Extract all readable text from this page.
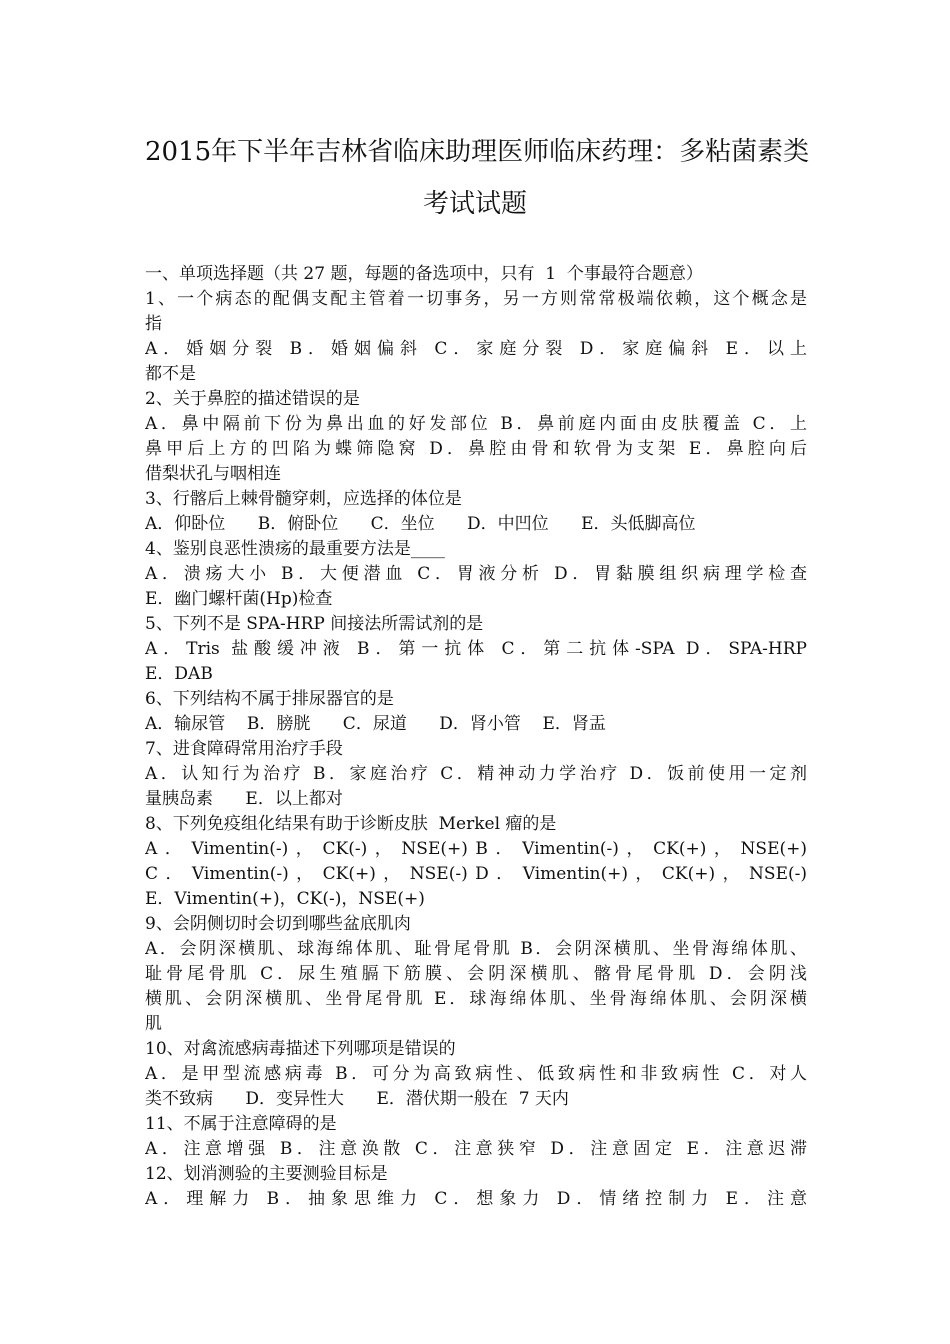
2015年下半年吉林省临床助理医师临床药理：多粘菌素类
考试试题
一、单项选择题（共 27 题，每题的备选项中，只有  1  个事最符合题意）
1、一个病态的配偶支配主管着一切事务，另一方则常常极端依赖，这个概念是
指
A．婚姻分裂 B．婚姻偏斜 C．家庭分裂 D．家庭偏斜 E．以上
都不是
2、关于鼻腔的描述错误的是
A．鼻中隔前下份为鼻出血的好发部位 B．鼻前庭内面由皮肤覆盖 C．上
鼻甲后上方的凹陷为蝶筛隐窝 D．鼻腔由骨和软骨为支架 E．鼻腔向后
借梨状孔与咽相连
3、行髂后上棘骨髓穿刺，应选择的体位是
A．仰卧位      B．俯卧位      C．坐位      D．中凹位      E．头低脚高位
4、鉴别良恶性溃疡的最重要方法是____
A．溃疡大小 B．大便潜血 C．胃液分析 D．胃黏膜组织病理学检查
E．幽门螺杆菌(Hp)检查
5、下列不是 SPA-HRP 间接法所需试剂的是
A．Tris 盐酸缓冲液 B．第一抗体 C．第二抗体-SPA D．SPA-HRP
E．DAB
6、下列结构不属于排尿器官的是
A．输尿管    B．膀胱      C．尿道      D．肾小管    E．肾盂
7、进食障碍常用治疗手段
A．认知行为治疗 B．家庭治疗 C．精神动力学治疗 D．饭前使用一定剂
量胰岛素      E．以上都对
8、下列免疫组化结果有助于诊断皮肤  Merkel 瘤的是
A ． Vimentin(-) ， CK(-) ， NSE(+) B ． Vimentin(-) ， CK(+) ， NSE(+)
C ． Vimentin(-) ， CK(+) ， NSE(-) D ． Vimentin(+) ， CK(+) ， NSE(-)
E．Vimentin(+)，CK(-)，NSE(+)
9、会阴侧切时会切到哪些盆底肌肉
A．会阴深横肌、球海绵体肌、耻骨尾骨肌 B．会阴深横肌、坐骨海绵体肌、
耻骨尾骨肌 C．尿生殖膈下筋膜、会阴深横肌、髂骨尾骨肌 D．会阴浅
横肌、会阴深横肌、坐骨尾骨肌 E．球海绵体肌、坐骨海绵体肌、会阴深横
肌
10、对禽流感病毒描述下列哪项是错误的
A．是甲型流感病毒 B．可分为高致病性、低致病性和非致病性 C．对人
类不致病      D．变异性大      E．潜伏期一般在  7 天内
11、不属于注意障碍的是
A．注意增强 B．注意涣散 C．注意狭窄 D．注意固定 E．注意迟滞
12、划消测验的主要测验目标是
A．理解力 B．抽象思维力 C．想象力 D．情绪控制力 E．注意
